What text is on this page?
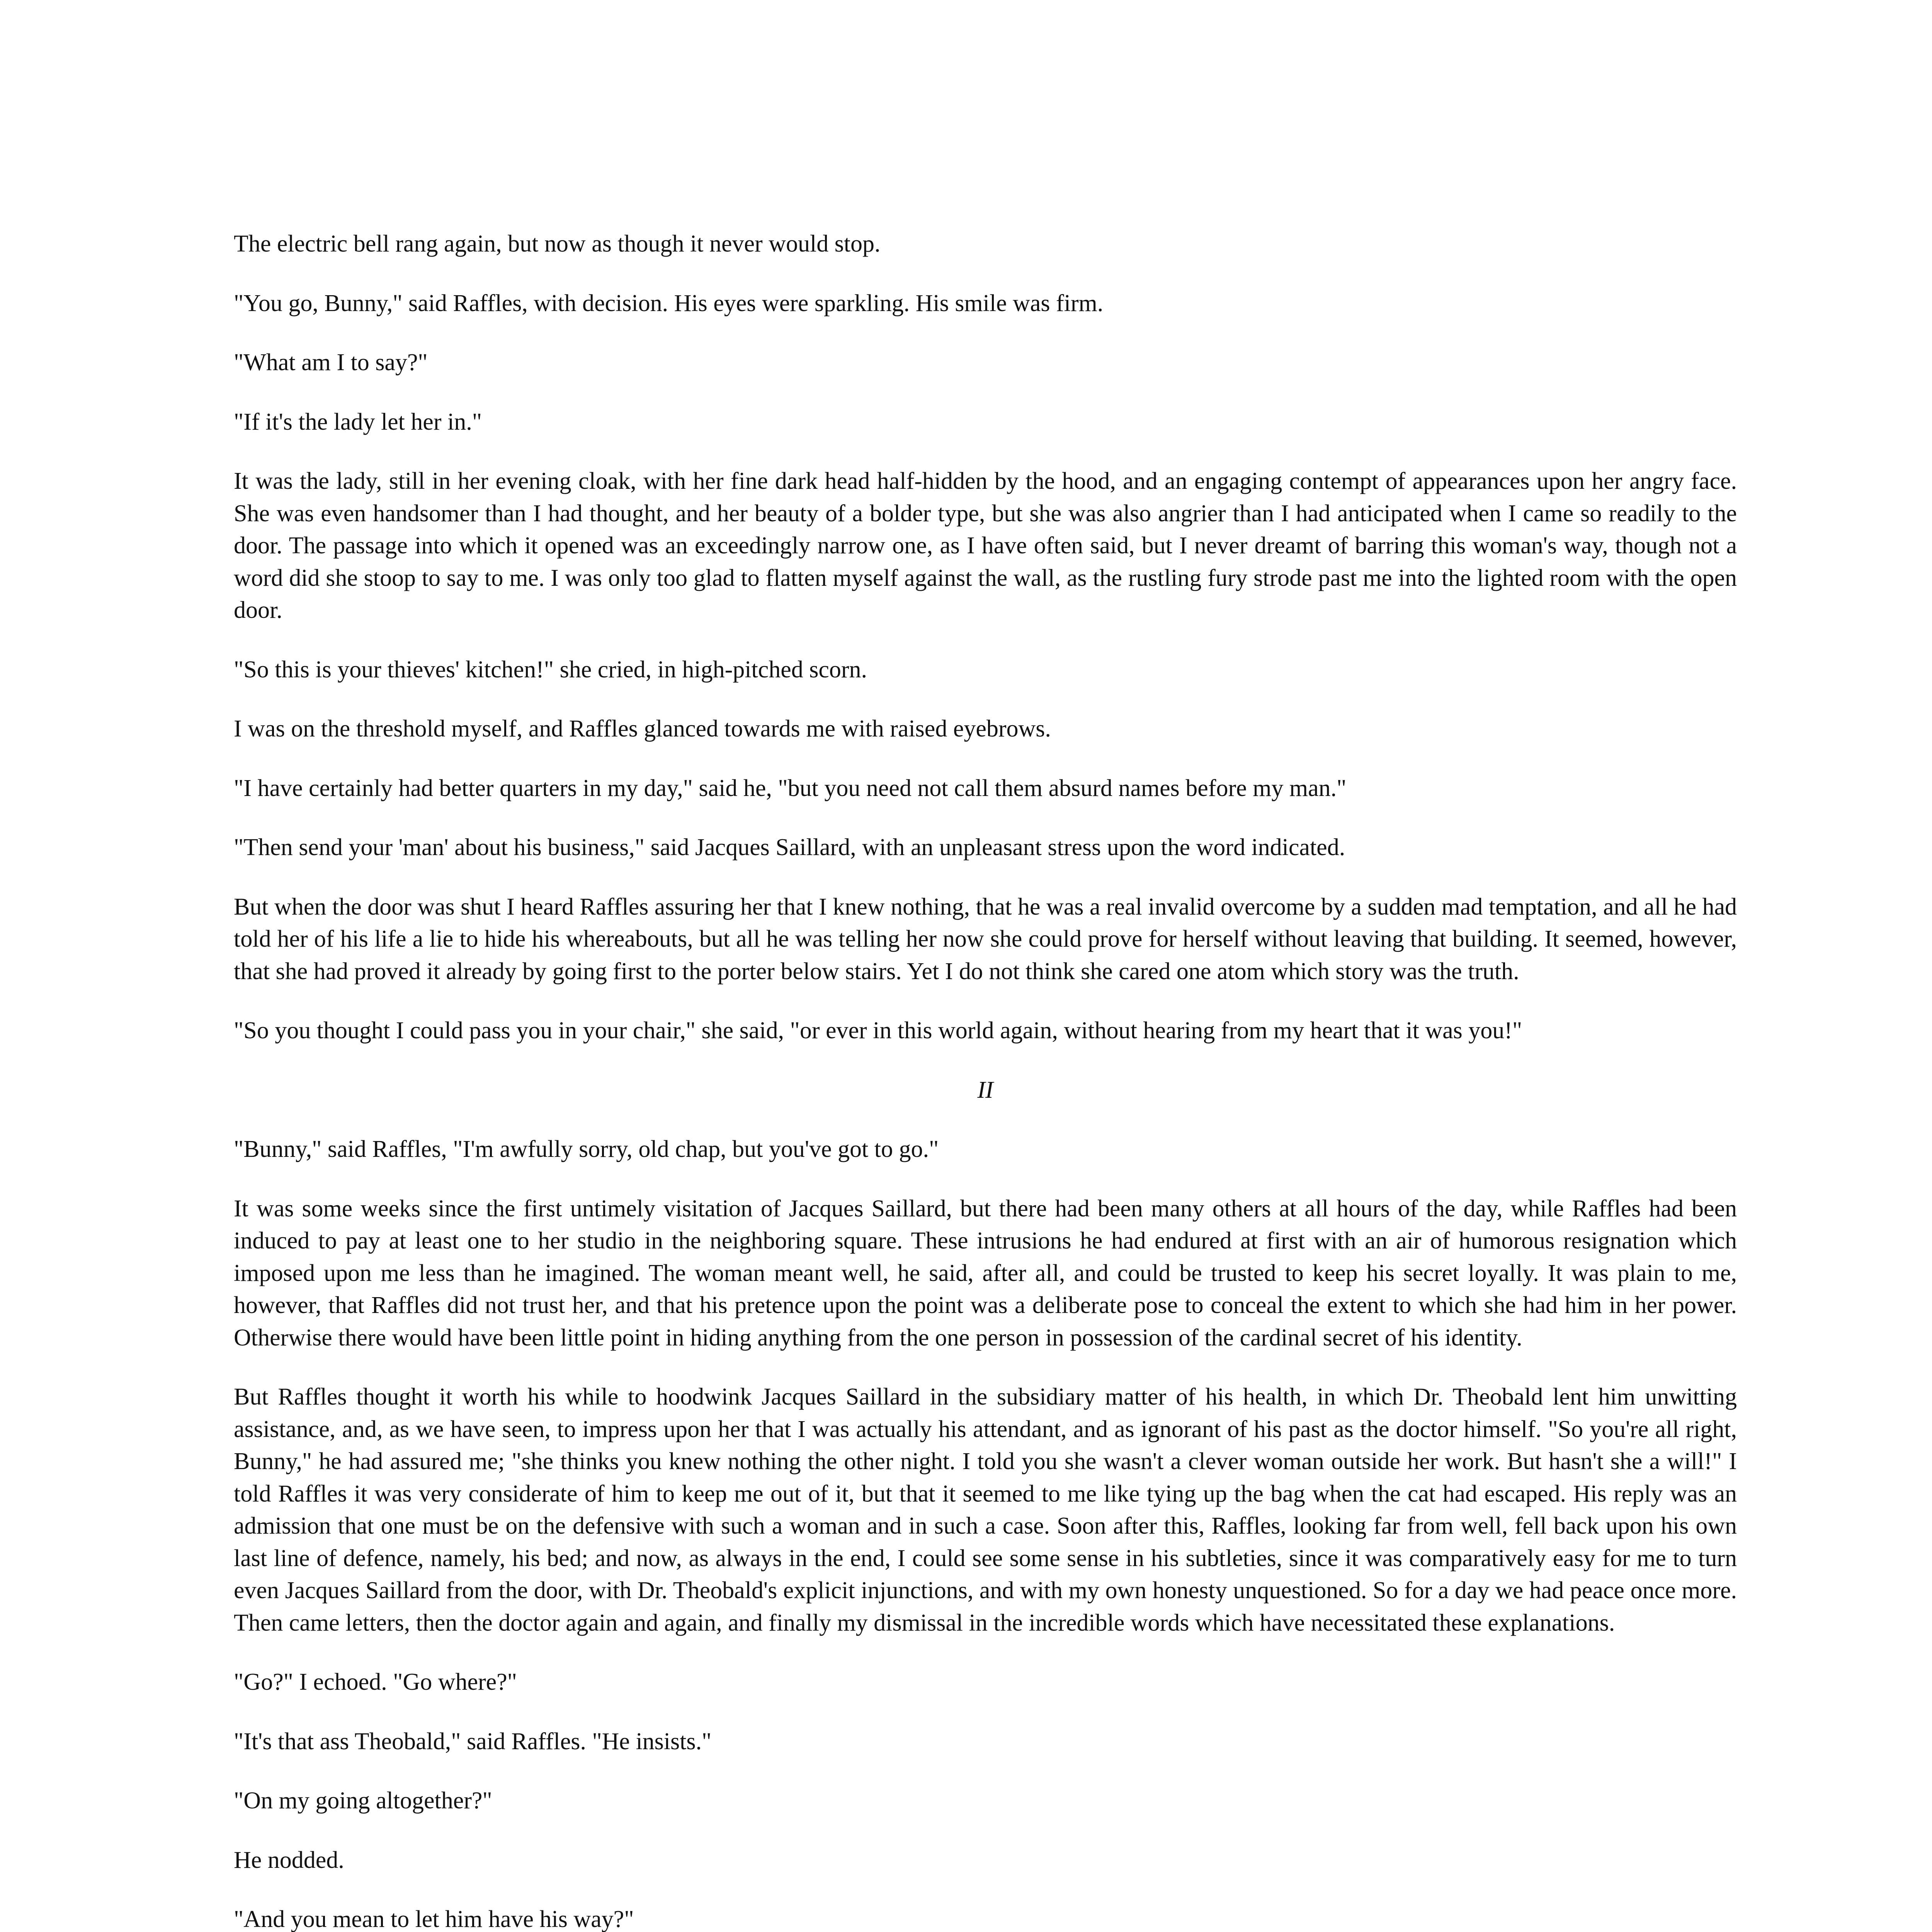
The electric bell rang again, but now as though it never would stop.

"You go, Bunny," said Raffles, with decision. His eyes were sparkling. His smile was firm.

"What am I to say?"

"If it's the lady let her in."

It was the lady, still in her evening cloak, with her fine dark head half-hidden by the hood, and an engaging contempt of appearances upon her angry face. She was even handsomer than I had thought, and her beauty of a bolder type, but she was also angrier than I had anticipated when I came so readily to the door. The passage into which it opened was an exceedingly narrow one, as I have often said, but I never dreamt of barring this woman's way, though not a word did she stoop to say to me. I was only too glad to flatten myself against the wall, as the rustling fury strode past me into the lighted room with the open door.

"So this is your thieves' kitchen!" she cried, in high-pitched scorn.

I was on the threshold myself, and Raffles glanced towards me with raised eyebrows.

"I have certainly had better quarters in my day," said he, "but you need not call them absurd names before my man."

"Then send your 'man' about his business," said Jacques Saillard, with an unpleasant stress upon the word indicated.

But when the door was shut I heard Raffles assuring her that I knew nothing, that he was a real invalid overcome by a sudden mad temptation, and all he had told her of his life a lie to hide his whereabouts, but all he was telling her now she could prove for herself without leaving that building. It seemed, however, that she had proved it already by going first to the porter below stairs. Yet I do not think she cared one atom which story was the truth.

"So you thought I could pass you in your chair," she said, "or ever in this world again, without hearing from my heart that it was you!"

II

"Bunny," said Raffles, "I'm awfully sorry, old chap, but you've got to go."

It was some weeks since the first untimely visitation of Jacques Saillard, but there had been many others at all hours of the day, while Raffles had been induced to pay at least one to her studio in the neighboring square. These intrusions he had endured at first with an air of humorous resignation which imposed upon me less than he imagined. The woman meant well, he said, after all, and could be trusted to keep his secret loyally. It was plain to me, however, that Raffles did not trust her, and that his pretence upon the point was a deliberate pose to conceal the extent to which she had him in her power. Otherwise there would have been little point in hiding anything from the one person in possession of the cardinal secret of his identity.

But Raffles thought it worth his while to hoodwink Jacques Saillard in the subsidiary matter of his health, in which Dr. Theobald lent him unwitting assistance, and, as we have seen, to impress upon her that I was actually his attendant, and as ignorant of his past as the doctor himself. "So you're all right, Bunny," he had assured me; "she thinks you knew nothing the other night. I told you she wasn't a clever woman outside her work. But hasn't she a will!" I told Raffles it was very considerate of him to keep me out of it, but that it seemed to me like tying up the bag when the cat had escaped. His reply was an admission that one must be on the defensive with such a woman and in such a case. Soon after this, Raffles, looking far from well, fell back upon his own last line of defence, namely, his bed; and now, as always in the end, I could see some sense in his subtleties, since it was comparatively easy for me to turn even Jacques Saillard from the door, with Dr. Theobald's explicit injunctions, and with my own honesty unquestioned. So for a day we had peace once more. Then came letters, then the doctor again and again, and finally my dismissal in the incredible words which have necessitated these explanations.

"Go?" I echoed. "Go where?"

"It's that ass Theobald," said Raffles. "He insists."

"On my going altogether?"

He nodded.

"And you mean to let him have his way?"
